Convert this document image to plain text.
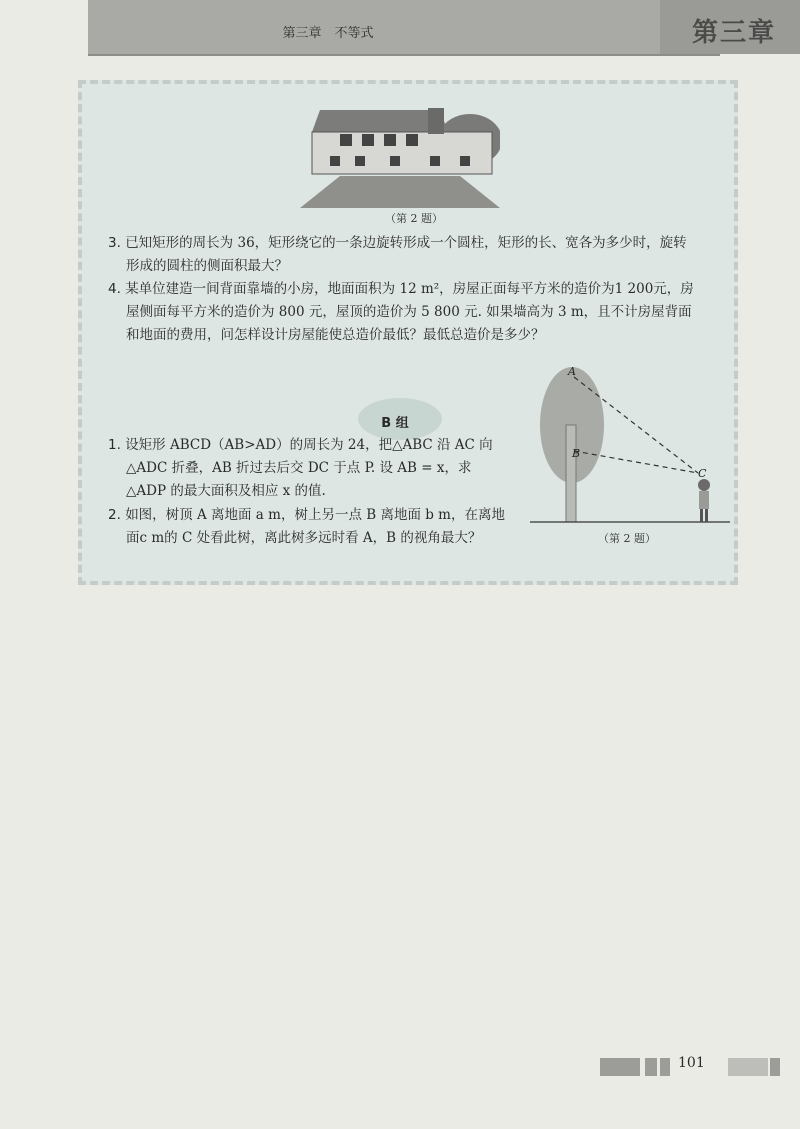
第三章　不等式	第三章
（第 2 题）
3. 已知矩形的周长为 36，矩形绕它的一条边旋转形成一个圆柱，矩形的长、宽各为多少时，旋转
形成的圆柱的侧面积最大？
4. 某单位建造一间背面靠墙的小房，地面面积为 12 m²，房屋正面每平方米的造价为1 200元，房
屋侧面每平方米的造价为 800 元，屋顶的造价为 5 800 元. 如果墙高为 3 m，且不计房屋背面
和地面的费用，问怎样设计房屋能使总造价最低？最低总造价是多少？
B 组
1. 设矩形 ABCD（AB>AD）的周长为 24，把△ABC 沿 AC 向
△ADC 折叠，AB 折过去后交 DC 于点 P. 设 AB = x，求
△ADP 的最大面积及相应 x 的值.
2. 如图，树顶 A 离地面 a m，树上另一点 B 离地面 b m，在离地
面c m的 C 处看此树，离此树多远时看 A，B 的视角最大？
A
B
C
（第 2 题）
101
